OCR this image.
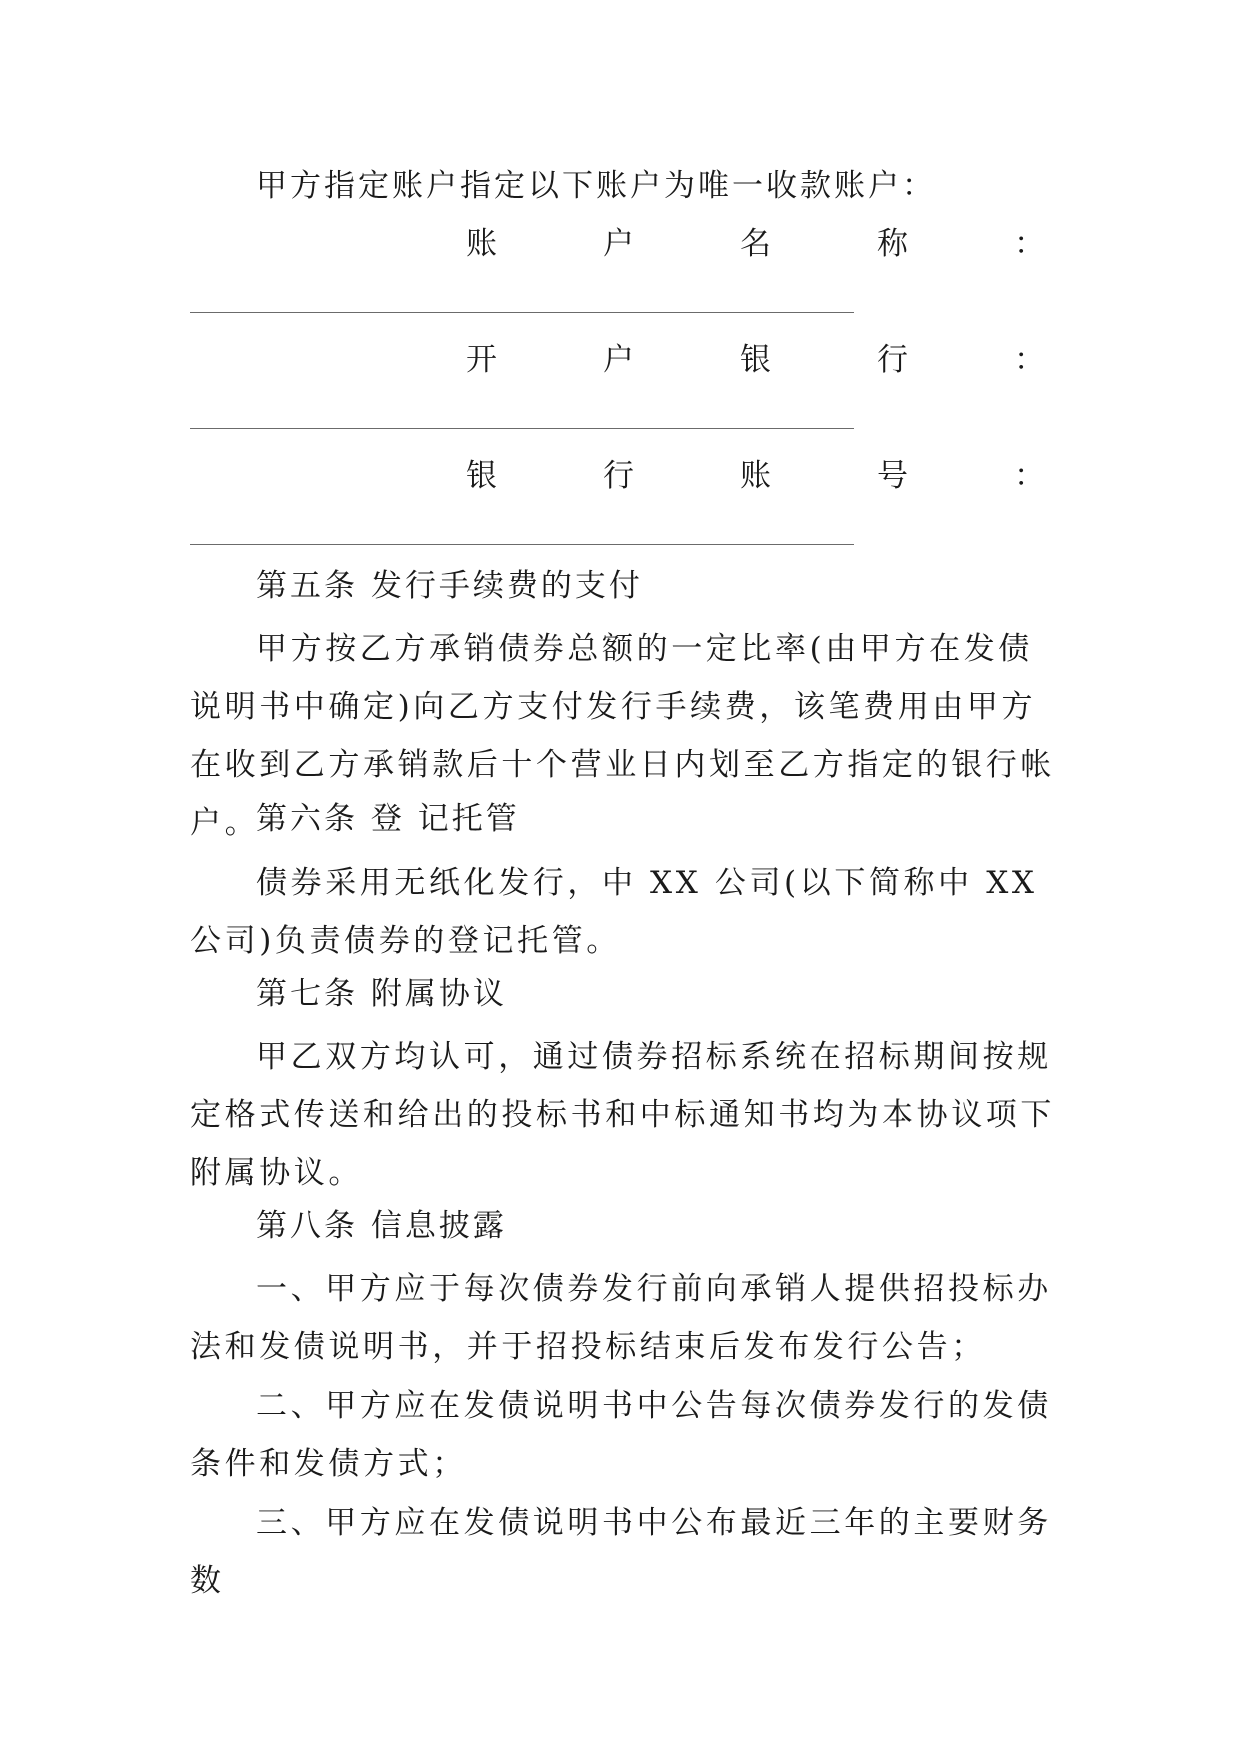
甲方指定账户指定以下账户为唯一收款账户：
账	户	名	称	：
开	户	银	行	：
银	行	账	号	：
第五条 发行手续费的支付
甲方按乙方承销债券总额的一定比率(由甲方在发债说明书中确定)向乙方支付发行手续费，该笔费用由甲方在收到乙方承销款后十个营业日内划至乙方指定的银行帐户。
第六条 登 记托管
债券采用无纸化发行，中 XX 公司(以下简称中 XX 公司)负责债券的登记托管。
第七条 附属协议
甲乙双方均认可，通过债券招标系统在招标期间按规定格式传送和给出的投标书和中标通知书均为本协议项下附属协议。
第八条 信息披露
一、甲方应于每次债券发行前向承销人提供招投标办法和发债说明书，并于招投标结束后发布发行公告；
二、甲方应在发债说明书中公告每次债券发行的发债条件和发债方式；
三、甲方应在发债说明书中公布最近三年的主要财务数
